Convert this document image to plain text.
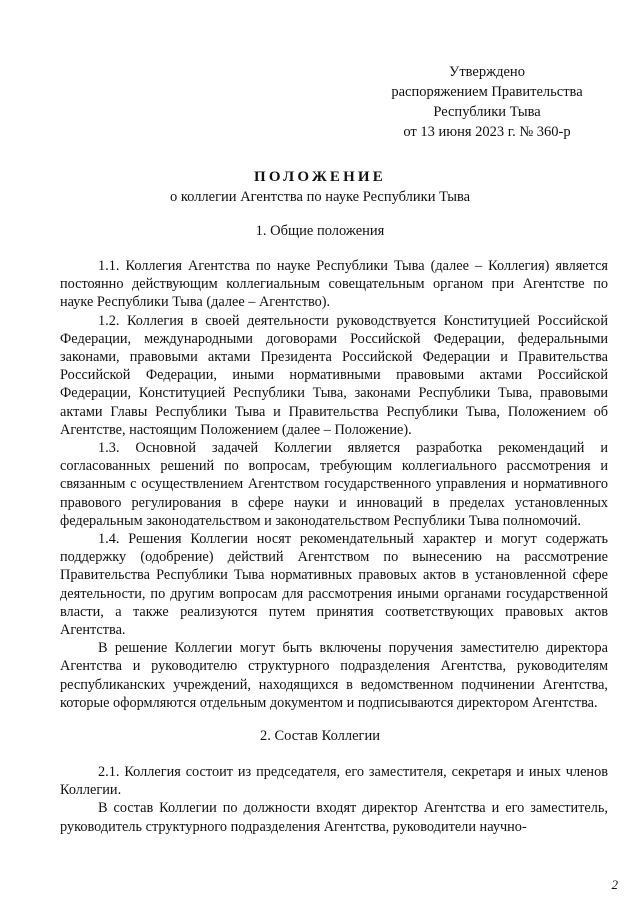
Утверждено
распоряжением Правительства
Республики Тыва
от 13 июня 2023 г. № 360-р
ПОЛОЖЕНИЕ
о коллегии Агентства по науке Республики Тыва
1. Общие положения

1.1. Коллегия Агентства по науке Республики Тыва (далее – Коллегия) является постоянно действующим коллегиальным совещательным органом при Агентстве по науке Республики Тыва (далее – Агентство).

1.2. Коллегия в своей деятельности руководствуется Конституцией Российской Федерации, международными договорами Российской Федерации, федеральными законами, правовыми актами Президента Российской Федерации и Правительства Российской Федерации, иными нормативными правовыми актами Российской Федерации, Конституцией Республики Тыва, законами Республики Тыва, правовыми актами Главы Республики Тыва и Правительства Республики Тыва, Положением об Агентстве, настоящим Положением (далее – Положение).

1.3. Основной задачей Коллегии является разработка рекомендаций и согласованных решений по вопросам, требующим коллегиального рассмотрения и связанным с осуществлением Агентством государственного управления и нормативного правового регулирования в сфере науки и инноваций в пределах установленных федеральным законодательством и законодательством Республики Тыва полномочий.

1.4. Решения Коллегии носят рекомендательный характер и могут содержать поддержку (одобрение) действий Агентством по вынесению на рассмотрение Правительства Республики Тыва нормативных правовых актов в установленной сфере деятельности, по другим вопросам для рассмотрения иными органами государственной власти, а также реализуются путем принятия соответствующих правовых актов Агентства.

В решение Коллегии могут быть включены поручения заместителю директора Агентства и руководителю структурного подразделения Агентства, руководителям республиканских учреждений, находящихся в ведомственном подчинении Агентства, которые оформляются отдельным документом и подписываются директором Агентства.

2. Состав Коллегии

2.1. Коллегия состоит из председателя, его заместителя, секретаря и иных членов Коллегии.

В состав Коллегии по должности входят директор Агентства и его заместитель, руководитель структурного подразделения Агентства, руководители научно-

2
